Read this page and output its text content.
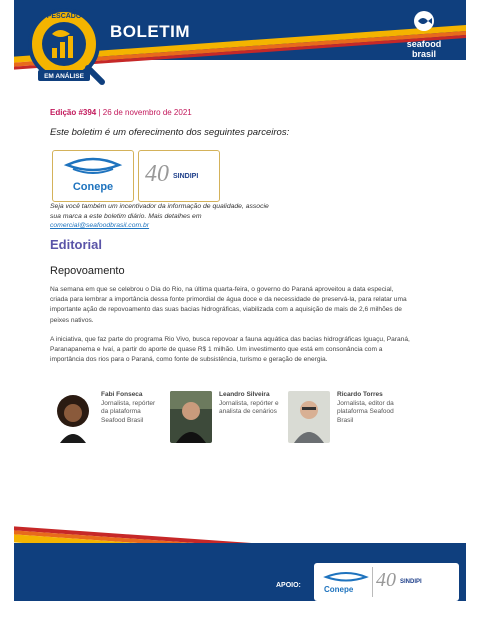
BOLETIM
seafood
brasil
PESCADO
EM ANÁLISE
Edição #394 | 26 de novembro de 2021
Este boletim é um oferecimento dos seguintes parceiros:
Conepe	40 SINDIPI
Seja você também um incentivador da informação de qualidade, associe sua marca a este boletim diário. Mais detalhes em comercial@seafoodbrasil.com.br
Editorial
Repovoamento

Na semana em que se celebrou o Dia do Rio, na última quarta-feira, o governo do Paraná aproveitou a data especial, criada para lembrar a importância dessa fonte primordial de água doce e da necessidade de preservá-la, para relatar uma importante ação de repovoamento das suas bacias hidrográficas, viabilizada com a aquisição de mais de 2,6 milhões de peixes nativos.

A iniciativa, que faz parte do programa Rio Vivo, busca repovoar a fauna aquática das bacias hidrográficas Iguaçu, Paraná, Paranapanema e Ivaí, a partir do aporte de quase R$ 1 milhão. Um investimento que está em consonância com a importância dos rios para o Paraná, como fonte de subsistência, turismo e geração de energia.

Fabi Fonseca
Jornalista, repórter da plataforma Seafood Brasil
Leandro Silveira
Jornalista, repórter e analista de cenários
Ricardo Torres
Jornalista, editor da plataforma Seafood Brasil
APOIO:	Conepe 40 SINDIPI
